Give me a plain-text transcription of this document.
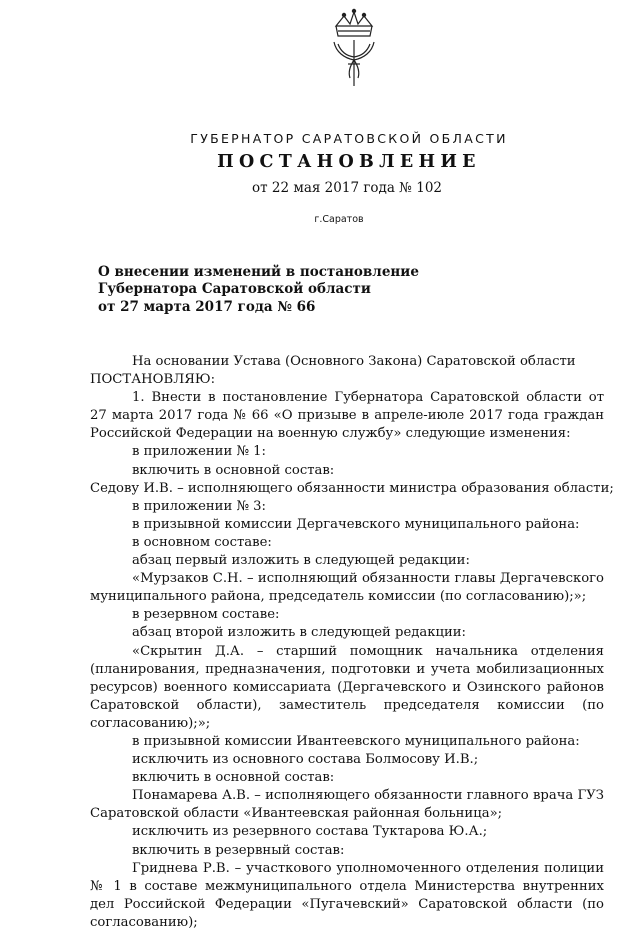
ГУБЕРНАТОР САРАТОВСКОЙ ОБЛАСТИ
ПОСТАНОВЛЕНИЕ
от 22 мая 2017 года № 102
г.Саратов
О внесении изменений в постановление
Губернатора Саратовской области
от 27 марта 2017 года № 66
На основании Устава (Основного Закона) Саратовской области
ПОСТАНОВЛЯЮ:
1. Внести в постановление Губернатора Саратовской области от 27 марта 2017 года № 66 «О призыве в апреле-июле 2017 года граждан Российской Федерации на военную службу» следующие изменения:
в приложении № 1:
включить в основной состав:
Седову И.В. – исполняющего обязанности министра образования области;
в приложении № 3:
в призывной комиссии Дергачевского муниципального района:
в основном составе:
абзац первый изложить в следующей редакции:
«Мурзаков С.Н. – исполняющий обязанности главы Дергачевского муниципального района, председатель комиссии (по согласованию);»;
в резервном составе:
абзац второй изложить в следующей редакции:
«Скрытин Д.А. – старший помощник начальника отделения (планирования, предназначения, подготовки и учета мобилизационных ресурсов) военного комиссариата (Дергачевского и Озинского районов Саратовской области), заместитель председателя комиссии (по согласованию);»;
в призывной комиссии Ивантеевского муниципального района:
исключить из основного состава Болмосову И.В.;
включить в основной состав:
Понамарева А.В. – исполняющего обязанности главного врача ГУЗ Саратовской области «Ивантеевская районная больница»;
исключить из резервного состава Туктарова Ю.А.;
включить в резервный состав:
Гриднева Р.В. – участкового уполномоченного отделения полиции № 1 в составе межмуниципального отдела Министерства внутренних дел Российской Федерации «Пугачевский» Саратовской области (по согласованию);
